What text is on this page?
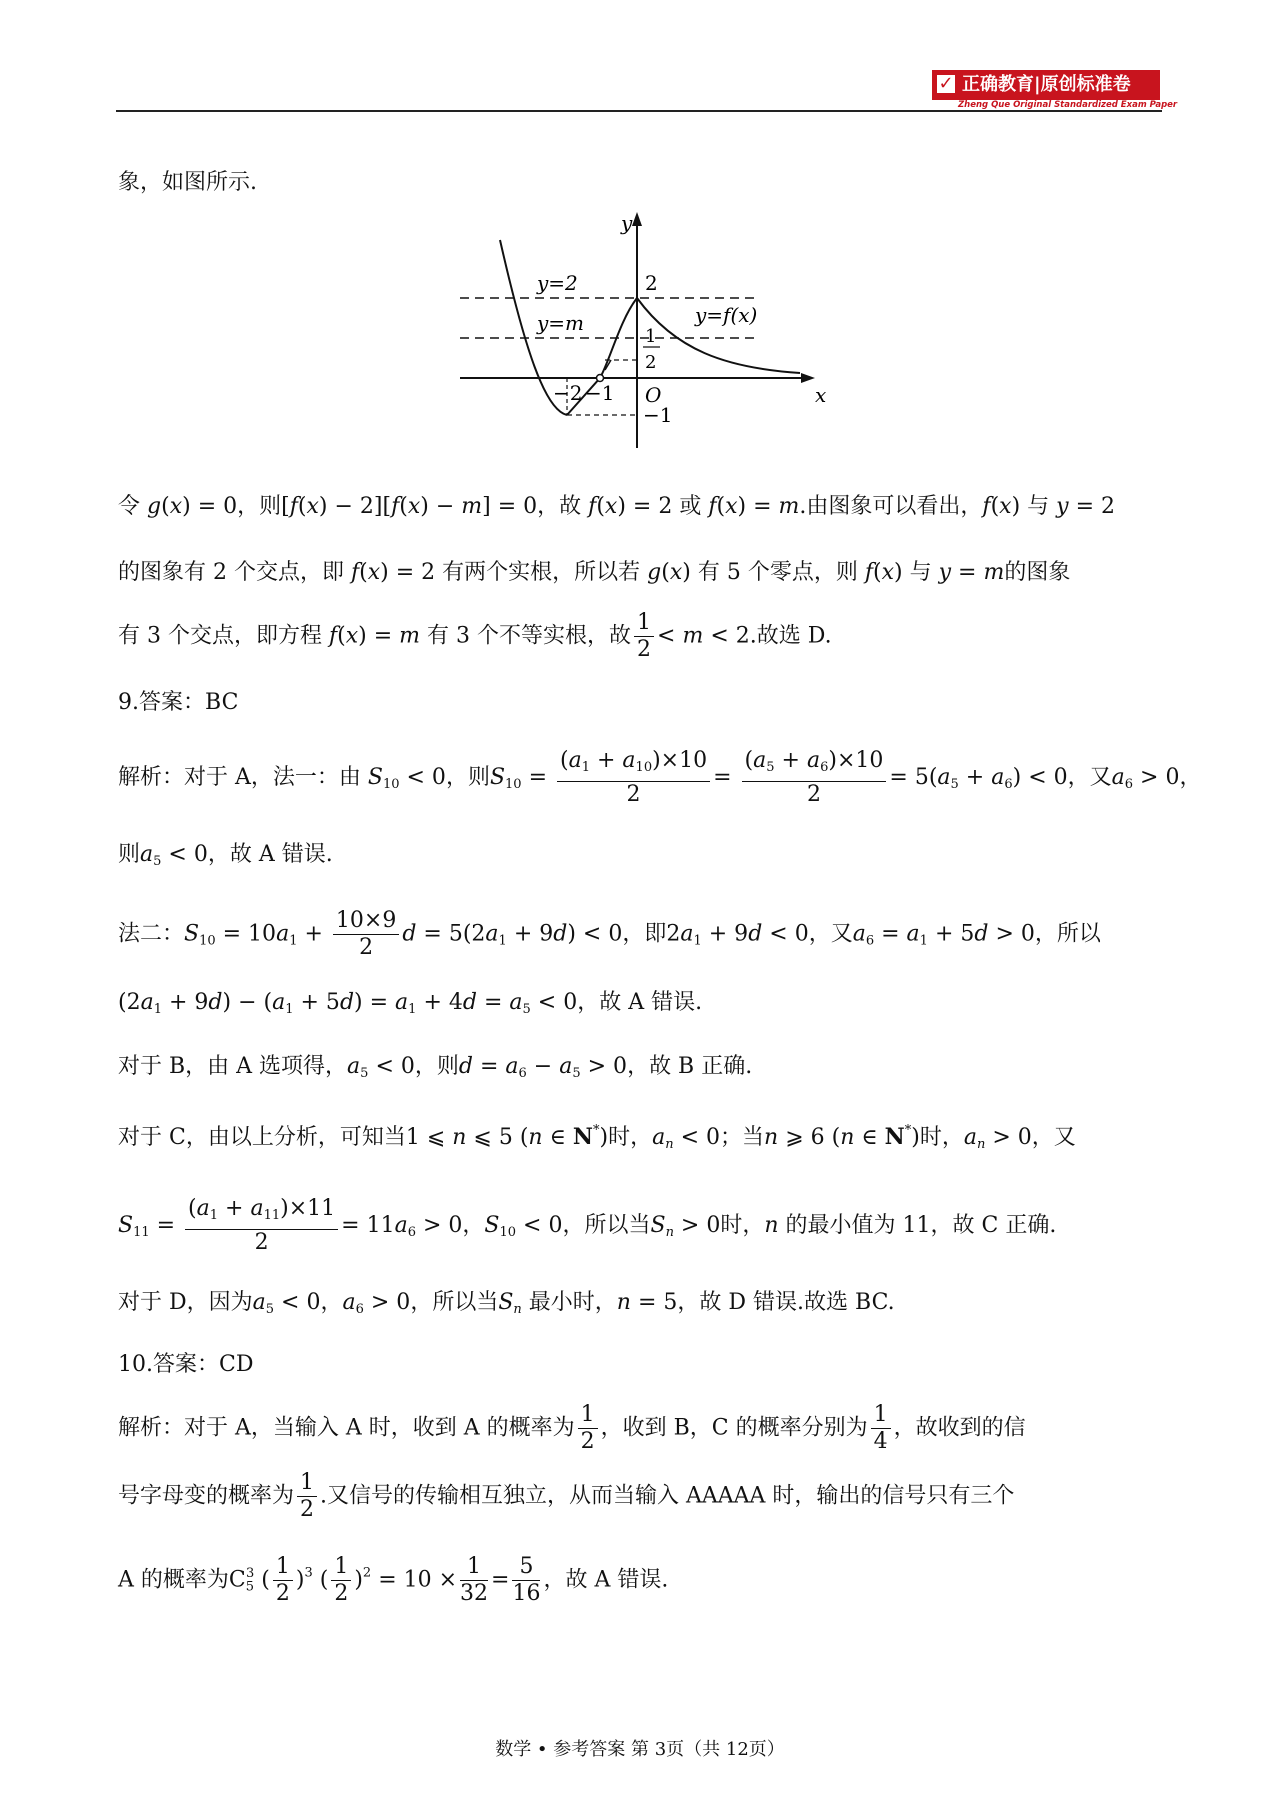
✓ 正确教育|原创标准卷
Zheng Que Original Standardized Exam Paper
象，如图所示.
y
x
O
y=2
y=m	y=f(x)
2
1
2
−2 −1
−1
令 g(x) = 0，则[f(x) − 2][f(x) − m] = 0，故 f(x) = 2 或 f(x) = m.由图象可以看出，f(x) 与 y = 2
的图象有 2 个交点，即 f(x) = 2 有两个实根，所以若 g(x) 有 5 个零点，则 f(x) 与 y = m的图象
有 3 个交点，即方程 f(x) = m 有 3 个不等实根，故 $\frac{1}{2} < m < 2$.故选 D.
9.答案：BC
解析：对于 A，法一：由 $S_{10} < 0$，则$S_{10} = \frac{(a_1 + a_{10})\times 10}{2} = \frac{(a_5 + a_6)\times 10}{2} = 5(a_5 + a_6) < 0$，又$a_6 > 0$，
则$a_5 < 0$，故 A 错误.
法二：$S_{10} = 10a_1 + \frac{10\times 9}{2}$ $d = 5(2a_1 + 9d) < 0$，即$2a_1 + 9d < 0$，又$a_6 = a_1 + 5d > 0$，所以
$(2a_1 + 9d) - (a_1 + 5d) = a_1 + 4d = a_5 < 0$，故 A 错误.
对于 B，由 A 选项得，$a_5 < 0$，则$d = a_6 - a_5 > 0$，故 B 正确.
对于 C，由以上分析，可知当1 ⩽ n ⩽ 5 (n ∈ N*)时，$a_n < 0$；当n ⩾ 6 (n ∈ N*)时，$a_n > 0$，又
$S_{11} = \frac{(a_1 + a_{11})\times 11}{2} = 11a_6 > 0$，$S_{10} < 0$，所以当$S_n > 0$时，n 的最小值为 11，故 C 正确.
对于 D，因为$a_5 < 0$，$a_6 > 0$，所以当$S_n$ 最小时，n = 5，故 D 错误.故选 BC.
10.答案：CD
解析：对于 A，当输入 A 时，收到 A 的概率为 $\frac{1}{2}$ ，收到 B，C 的概率分别为 $\frac{1}{4}$ ，故收到的信
号字母变的概率为 $\frac{1}{2}$ .又信号的传输相互独立，从而当输入 AAAAA 时，输出的信号只有三个
A 的概率为$C_5^3$ ( $\frac{1}{2} )^3$ ( $\frac{1}{2} )^2 = 10 \times \frac{1}{32} = \frac{5}{16}$ ，故 A 错误.
数学 • 参考答案 第 3页（共 12页）
